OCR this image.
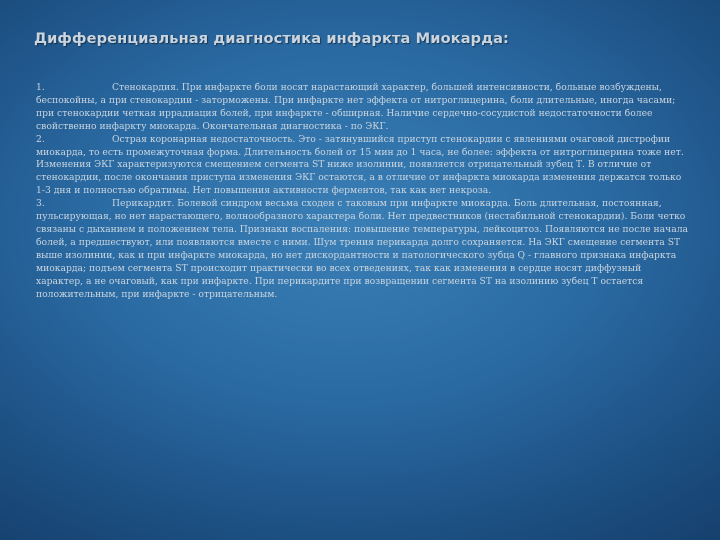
Дифференциальная диагностика инфаркта Миокарда:

1.	Стенокардия. При инфаркте боли носят нарастающий характер, большей интенсивности, больные возбуждены, беспокойны, а при стенокардии - заторможены. При инфаркте нет эффекта от нитроглицерина, боли длительные, иногда часами; при стенокардии четкая иррадиация болей, при инфаркте - обширная. Наличие сердечно-сосудистой недостаточности более свойственно инфаркту миокарда. Окончательная диагностика - по ЭКГ.

2.	Острая коронарная недостаточность. Это - затянувшийся приступ стенокардии с явлениями очаговой дистрофии миокарда, то есть промежуточная форма. Длительность болей от 15 мин до 1 часа, не более: эффекта от нитроглицерина тоже нет. Изменения ЭКГ характеризуются смещением сегмента ST ниже изолинии, появляется отрицательный зубец Т. В отличие от стенокардии, после окончания приступа изменения ЭКГ остаются, а в отличие от инфаркта миокарда изменения держатся только 1-3 дня и полностью обратимы. Нет повышения активности ферментов, так как нет некроза.

3.	Перикардит. Болевой синдром весьма сходен с таковым при инфаркте миокарда. Боль длительная, постоянная, пульсирующая, но нет нарастающего, волнообразного характера боли. Нет предвестников (нестабильной стенокардии). Боли четко связаны с дыханием и положением тела. Признаки воспаления: повышение температуры, лейкоцитоз. Появляются не после начала болей, а предшествуют, или появляются вместе с ними. Шум трения перикарда долго сохраняется. На ЭКГ смещение сегмента ST выше изолинии, как и при инфаркте миокарда, но нет дискордантности и патологического зубца Q - главного признака инфаркта миокарда; подъем сегмента ST происходит практически во всех отведениях, так как изменения в сердце носят диффузный характер, а не очаговый, как при инфаркте. При перикардите при возвращении сегмента ST на изолинию зубец Т остается положительным, при инфаркте - отрицательным.
